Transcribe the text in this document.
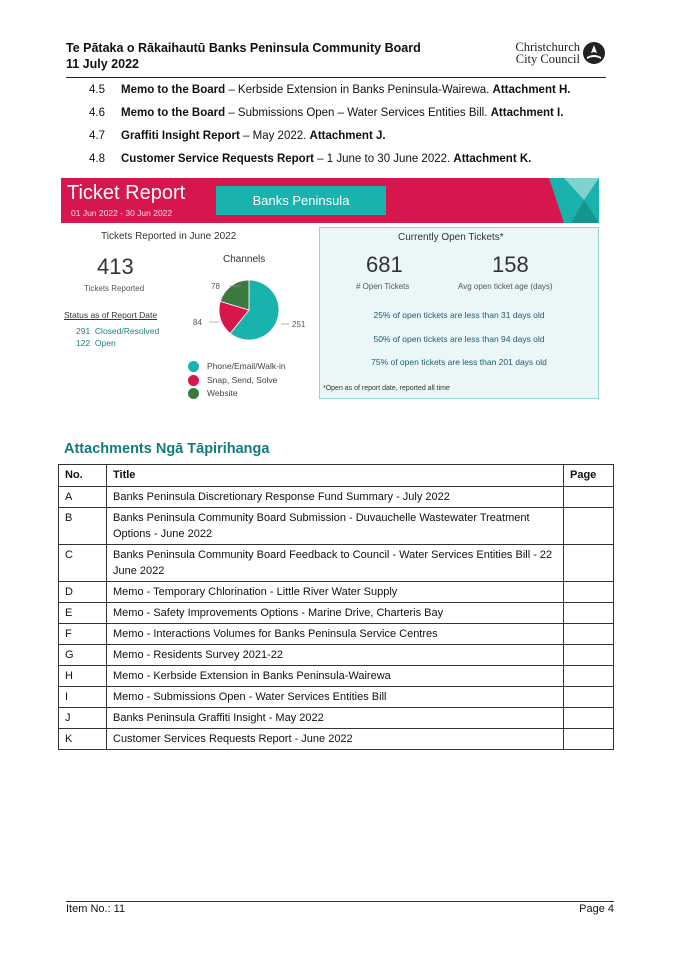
Te Pātaka o Rākaihautū Banks Peninsula Community Board
11 July 2022
Christchurch
City Council
4.5 Memo to the Board – Kerbside Extension in Banks Peninsula-Wairewa. Attachment H.
4.6 Memo to the Board – Submissions Open – Water Services Entities Bill. Attachment I.
4.7 Graffiti Insight Report – May 2022. Attachment J.
4.8 Customer Service Requests Report – 1 June to 30 June 2022. Attachment K.
Ticket Report
01 Jun 2022 - 30 Jun 2022
Banks Peninsula
Tickets Reported in June 2022
413
Tickets Reported
Status as of Report Date
291 Closed/Resolved
122 Open
Channels
78
84	251
Phone/Email/Walk-in
Snap, Send, Solve
Website
Currently Open Tickets*
681
# Open Tickets
158
Avg open ticket age (days)
25% of open tickets are less than 31 days old
50% of open tickets are less than 94 days old
75% of open tickets are less than 201 days old
*Open as of report date, reported all time
Attachments Ngā Tāpirihanga
No.	Title	Page
A	Banks Peninsula Discretionary Response Fund Summary - July 2022	
B	Banks Peninsula Community Board Submission - Duvauchelle Wastewater Treatment Options - June 2022	
C	Banks Peninsula Community Board Feedback to Council - Water Services Entities Bill - 22 June 2022	
D	Memo - Temporary Chlorination - Little River Water Supply	
E	Memo - Safety Improvements Options - Marine Drive, Charteris Bay	
F	Memo - Interactions Volumes for Banks Peninsula Service Centres	
G	Memo - Residents Survey 2021-22	
H	Memo - Kerbside Extension in Banks Peninsula-Wairewa	
I	Memo - Submissions Open - Water Services Entities Bill	
J	Banks Peninsula Graffiti Insight - May 2022	
K	Customer Services Requests Report - June 2022	
Item No.: 11	Page 4
